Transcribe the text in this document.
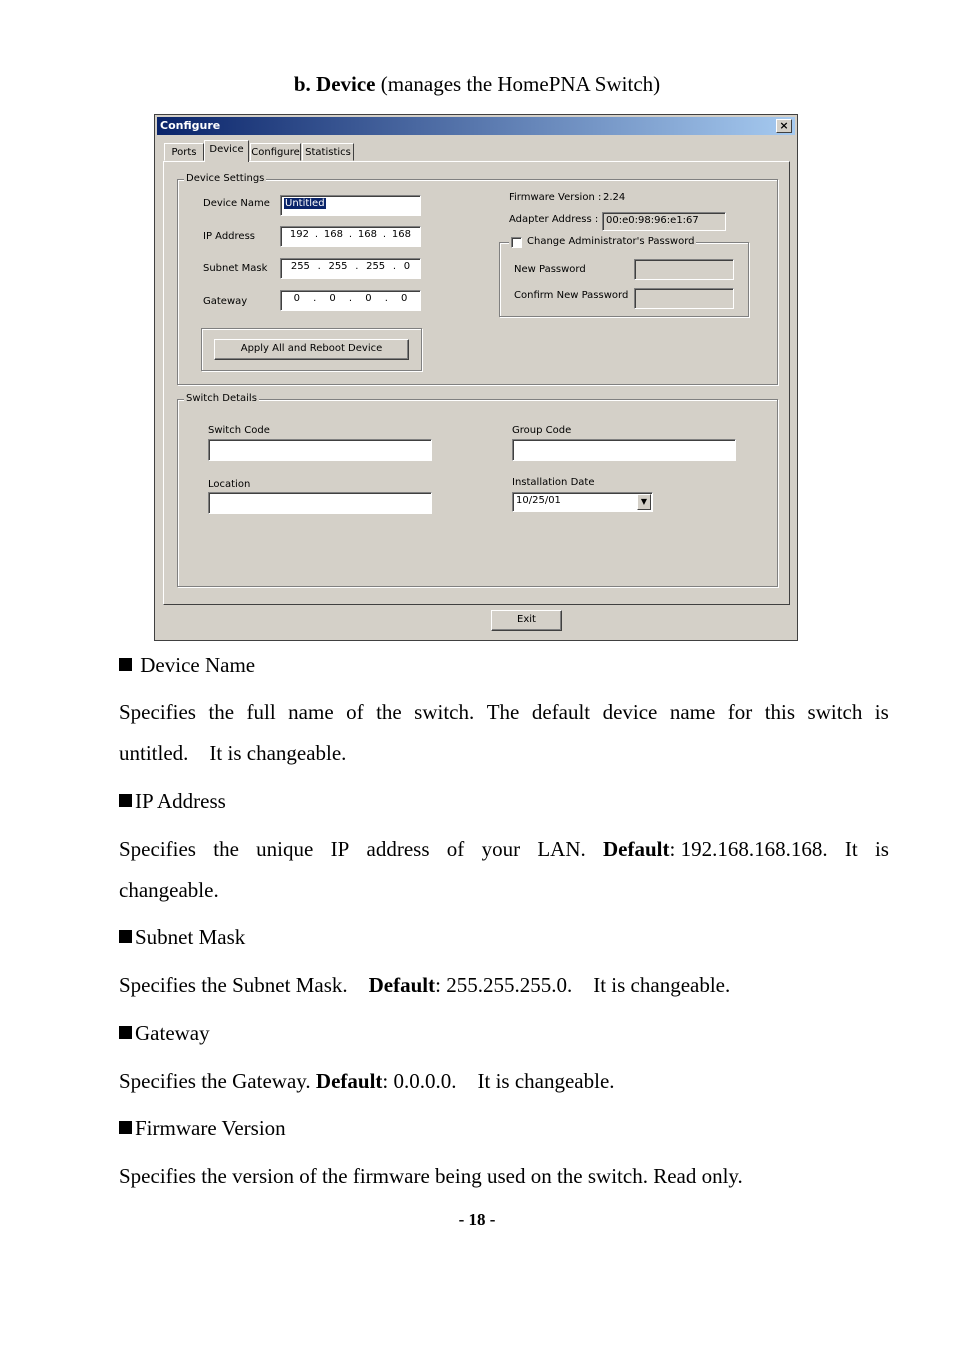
b. Device (manages the HomePNA Switch)
Configure	×
Ports	Device Configure Statistics
Device Settings
Device Name	Untitled
IP Address	192 . 168 . 168 . 168
Subnet Mask 255 . 255 . 255 . 0
Gateway	0 . 0 . 0 . 0
Apply All and Reboot Device
Firmware Version : 2.24
Adapter Address : 00:e0:98:96:e1:67
Change Administrator's Password
New Password
Confirm New Password
Switch Details
Switch Code	Group Code
Location	Installation Date
10/25/01	▼
Exit
Device Name
Specifies the full name of the switch. The default device name for this switch is
untitled.    It is changeable.
IP Address
Specifies the unique IP address of your LAN. Default: 192.168.168.168. It is
changeable.
Subnet Mask
Specifies the Subnet Mask.    Default: 255.255.255.0.    It is changeable.
Gateway
Specifies the Gateway. Default: 0.0.0.0.    It is changeable.
Firmware Version
Specifies the version of the firmware being used on the switch. Read only.
- 18 -
